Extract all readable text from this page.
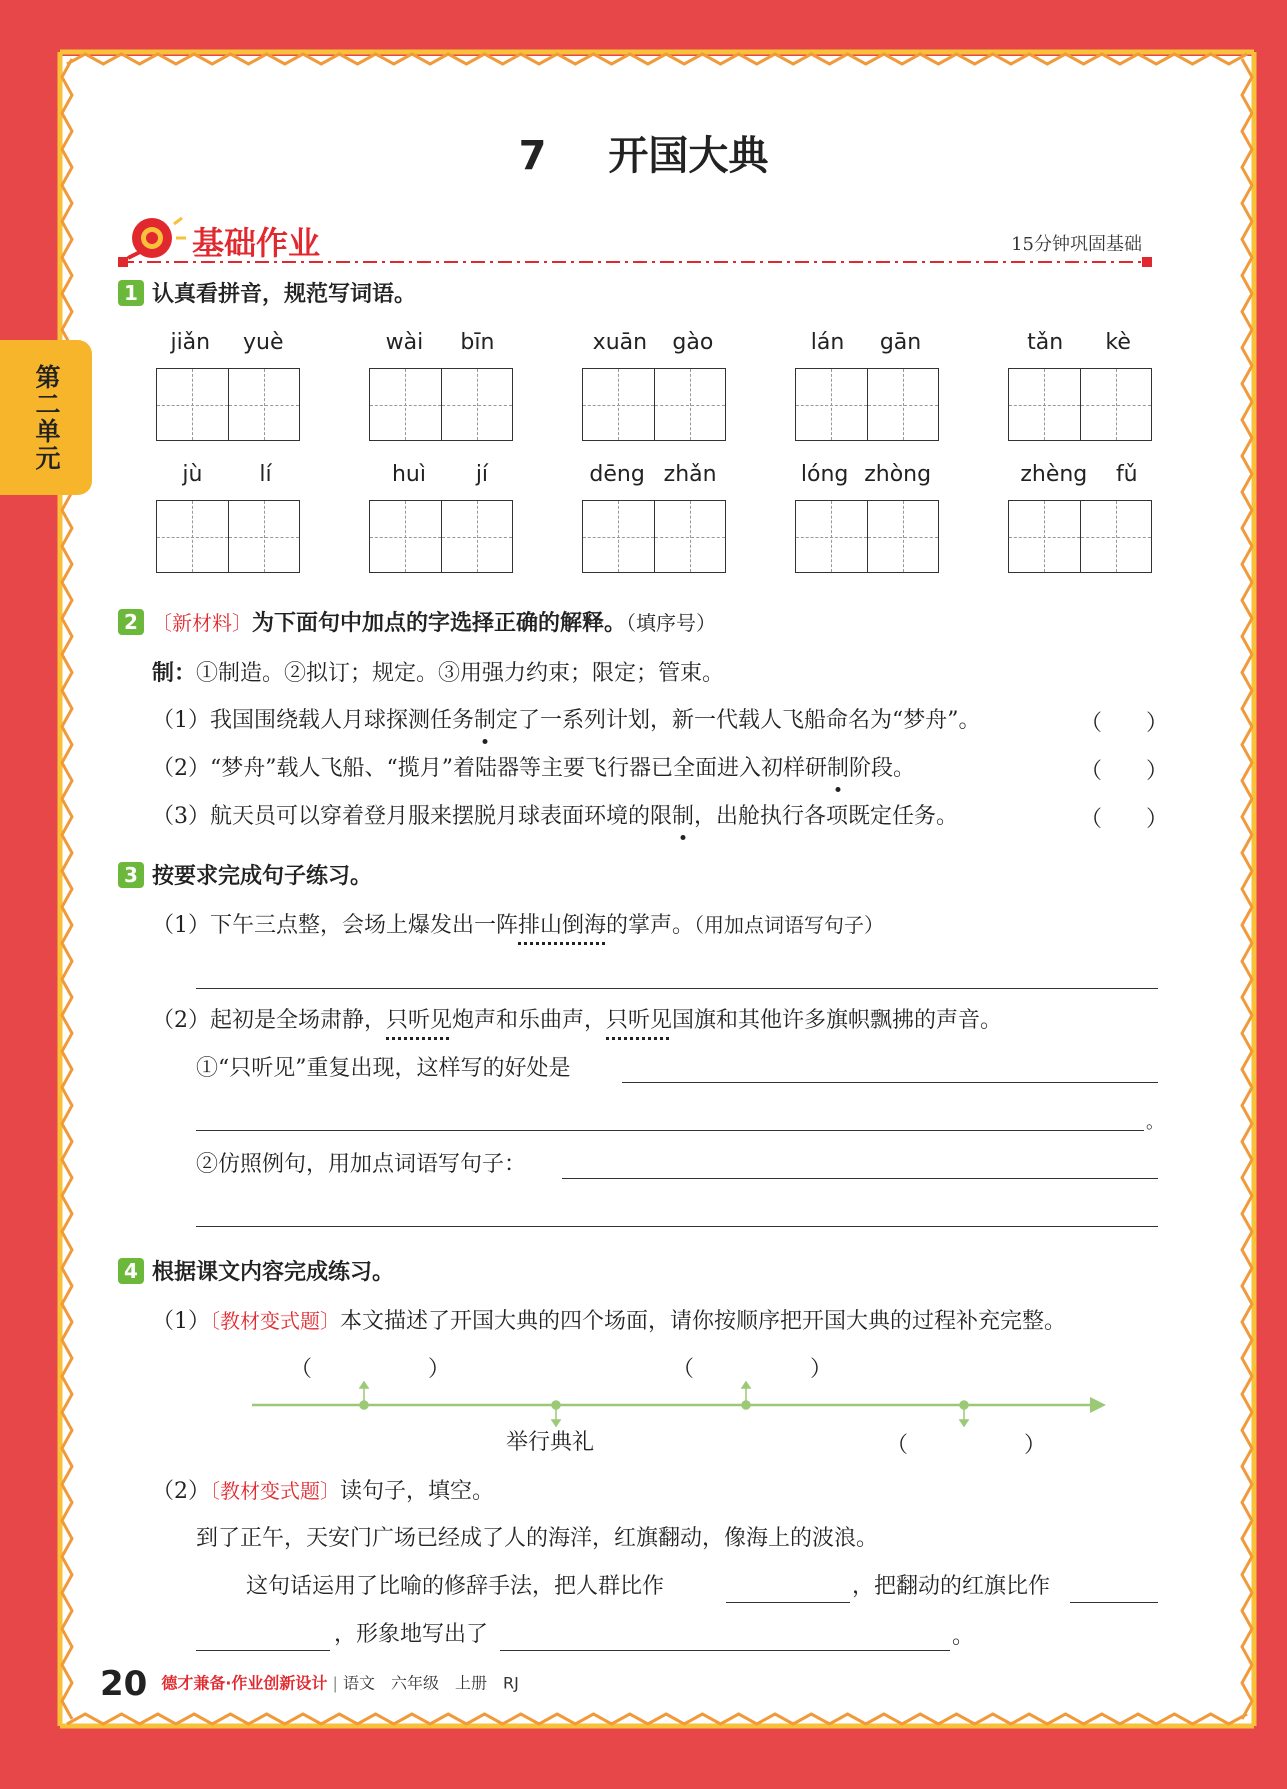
第二单元
7 开国大典
基础作业	15分钟巩固基础
1 认真看拼音，规范写词语。
jiǎn yuè	wài bīn	xuān gào	lán gān	tǎn kè
jù	lí	huì jí	dēng zhǎn	lóng zhòng	zhèng fǔ
2 〔新材料〕为下面句中加点的字选择正确的解释。（填序号）
制：①制造。②拟订；规定。③用强力约束；限定；管束。
（1）我国围绕载人月球探测任务制定了一系列计划，新一代载人飞船命名为“梦舟”。	（　　）
（2）“梦舟”载人飞船、“揽月”着陆器等主要飞行器已全面进入初样研制阶段。	（　　）
（3）航天员可以穿着登月服来摆脱月球表面环境的限制，出舱执行各项既定任务。	（　　）
3 按要求完成句子练习。
（1）下午三点整，会场上爆发出一阵排山倒海的掌声。（用加点词语写句子）
（2）起初是全场肃静，只听见炮声和乐曲声，只听见国旗和其他许多旗帜飘拂的声音。
①“只听见”重复出现，这样写的好处是
。
②仿照例句，用加点词语写句子：
4 根据课文内容完成练习。
（1）〔教材变式题〕本文描述了开国大典的四个场面，请你按顺序把开国大典的过程补充完整。
（	）	（	）
举行典礼	（	）
（2）〔教材变式题〕读句子，填空。
到了正午，天安门广场已经成了人的海洋，红旗翻动，像海上的波浪。
这句话运用了比喻的修辞手法，把人群比作	，把翻动的红旗比作
，形象地写出了	。
20 德才兼备·作业创新设计 | 语文　六年级　上册　RJ
